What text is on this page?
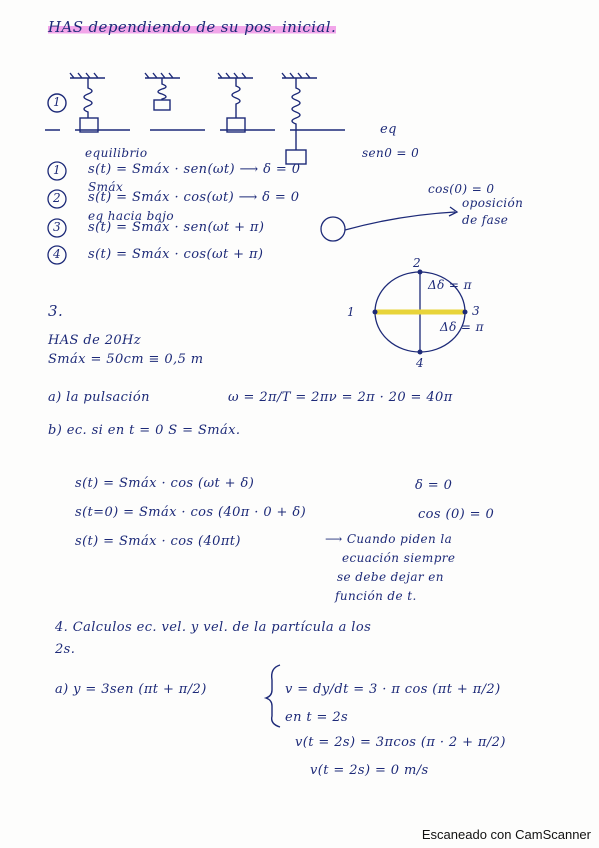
HAS dependiendo de su pos. inicial.
1
eq
equilibrio	sen0 = 0
1 s(t) = Smáx · sen(ωt) ⟶ δ = 0
Smáx
2 s(t) = Smáx · cos(ωt) ⟶ δ = 0
cos(0) = 0
eq hacia bajo
3 s(t) = Smáx · sen(ωt + π)
oposición
de fase
4 s(t) = Smáx · cos(ωt + π)
2
1	3
4
Δδ = π
Δδ = π
3.
HAS de 20Hz
Smáx = 50cm ≡ 0,5 m
a) la pulsación	ω = 2π/T = 2πν = 2π · 20 = 40π
b) ec. si en t = 0 S = Smáx.
s(t) = Smáx · cos (ωt + δ)	δ = 0
s(t=0) = Smáx · cos (40π · 0 + δ)	cos (0) = 0
s(t) = Smáx · cos (40πt)	⟶ Cuando piden la
ecuación siempre
se debe dejar en
función de t.
4. Calculos ec. vel. y vel. de la partícula a los
2s.
a) y = 3sen (πt + π/2)	v = dy/dt = 3 · π cos (πt + π/2)
en t = 2s
v(t = 2s) = 3πcos (π · 2 + π/2)
v(t = 2s) = 0 m/s
Escaneado con CamScanner
